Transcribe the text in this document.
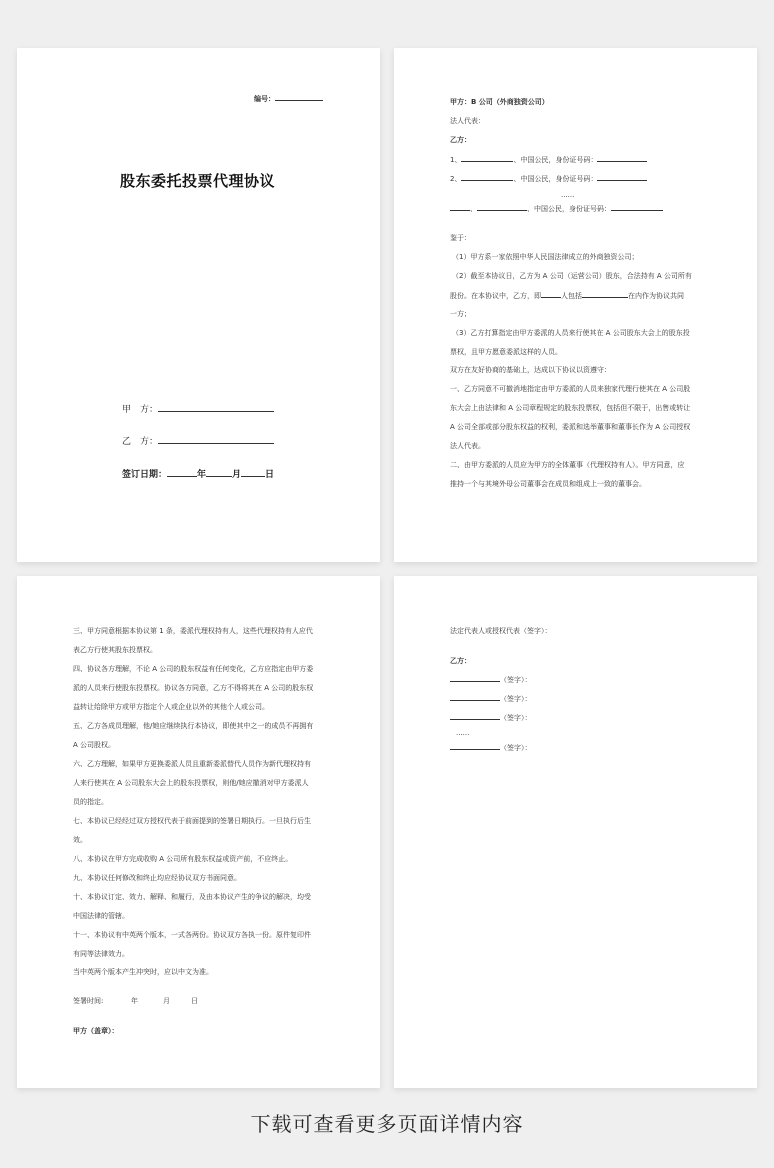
编号：
股东委托投票代理协议
甲　方：
乙　方：
签订日期：	年	月	日
甲方：B 公司（外商独资公司）
法人代表：
乙方：
1、	、中国公民，身份证号码：
2、	、中国公民，身份证号码：
......
、	、中国公民，身份证号码：
鉴于：
（1）甲方系一家依照中华人民国法律成立的外商独资公司；
（2）截至本协议日，乙方为 A 公司（运营公司）股东，合法持有 A 公司所有
股份。在本协议中，乙方，即	人包括	在内作为协议共同
一方；
（3）乙方打算指定由甲方委派的人员来行使其在 A 公司股东大会上的股东投
票权，且甲方愿意委派这样的人员。
双方在友好协商的基础上，达成以下协议以资遵守：
一、乙方同意不可撤消地指定由甲方委派的人员来独家代理行使其在 A 公司股
东大会上由法律和 A 公司章程规定的股东投票权，包括但不限于，出售或转让
A 公司全部或部分股东权益的权利，委派和选举董事和董事长作为 A 公司授权
法人代表。
二、由甲方委派的人员应为甲方的全体董事（代理权持有人）。甲方同意，应
推持一个与其境外母公司董事会在成员和组成上一致的董事会。
三、甲方同意根据本协议第 1 条，委派代理权持有人，这些代理权持有人应代
表乙方行使其股东投票权。
四、协议各方理解，不论 A 公司的股东权益有任何变化，乙方应指定由甲方委
派的人员来行使股东投票权。协议各方同意，乙方不得将其在 A 公司的股东权
益转让给除甲方或甲方指定个人或企业以外的其他个人或公司。
五、乙方各成员理解，他/她应继续执行本协议，即使其中之一的成员不再拥有
A 公司股权。
六、乙方理解，如果甲方更换委派人员且重新委派替代人员作为新代理权持有
人来行使其在 A 公司股东大会上的股东投票权，则他/她应撤消对甲方委派人
员的指定。
七、本协议已经经过双方授权代表于前面提到的签署日期执行。一旦执行后生
效。
八、本协议在甲方完成收购 A 公司所有股东权益或资产前，不应终止。
九、本协议任何修改和终止均应经协议双方书面同意。
十、本协议订定、效力、解释、和履行，及由本协议产生的争议的解决，均受
中国法律的管辖。
十一、本协议有中英两个版本，一式各两份。协议双方各执一份。原件复印件
有同等法律效力。
当中英两个版本产生冲突时，应以中文为准。
签署时间:	年	月	日
甲方（盖章）：
法定代表人或授权代表（签字）：
乙方：
（签字）：
（签字）：
（签字）：
......
（签字）：
下载可查看更多页面详情内容
